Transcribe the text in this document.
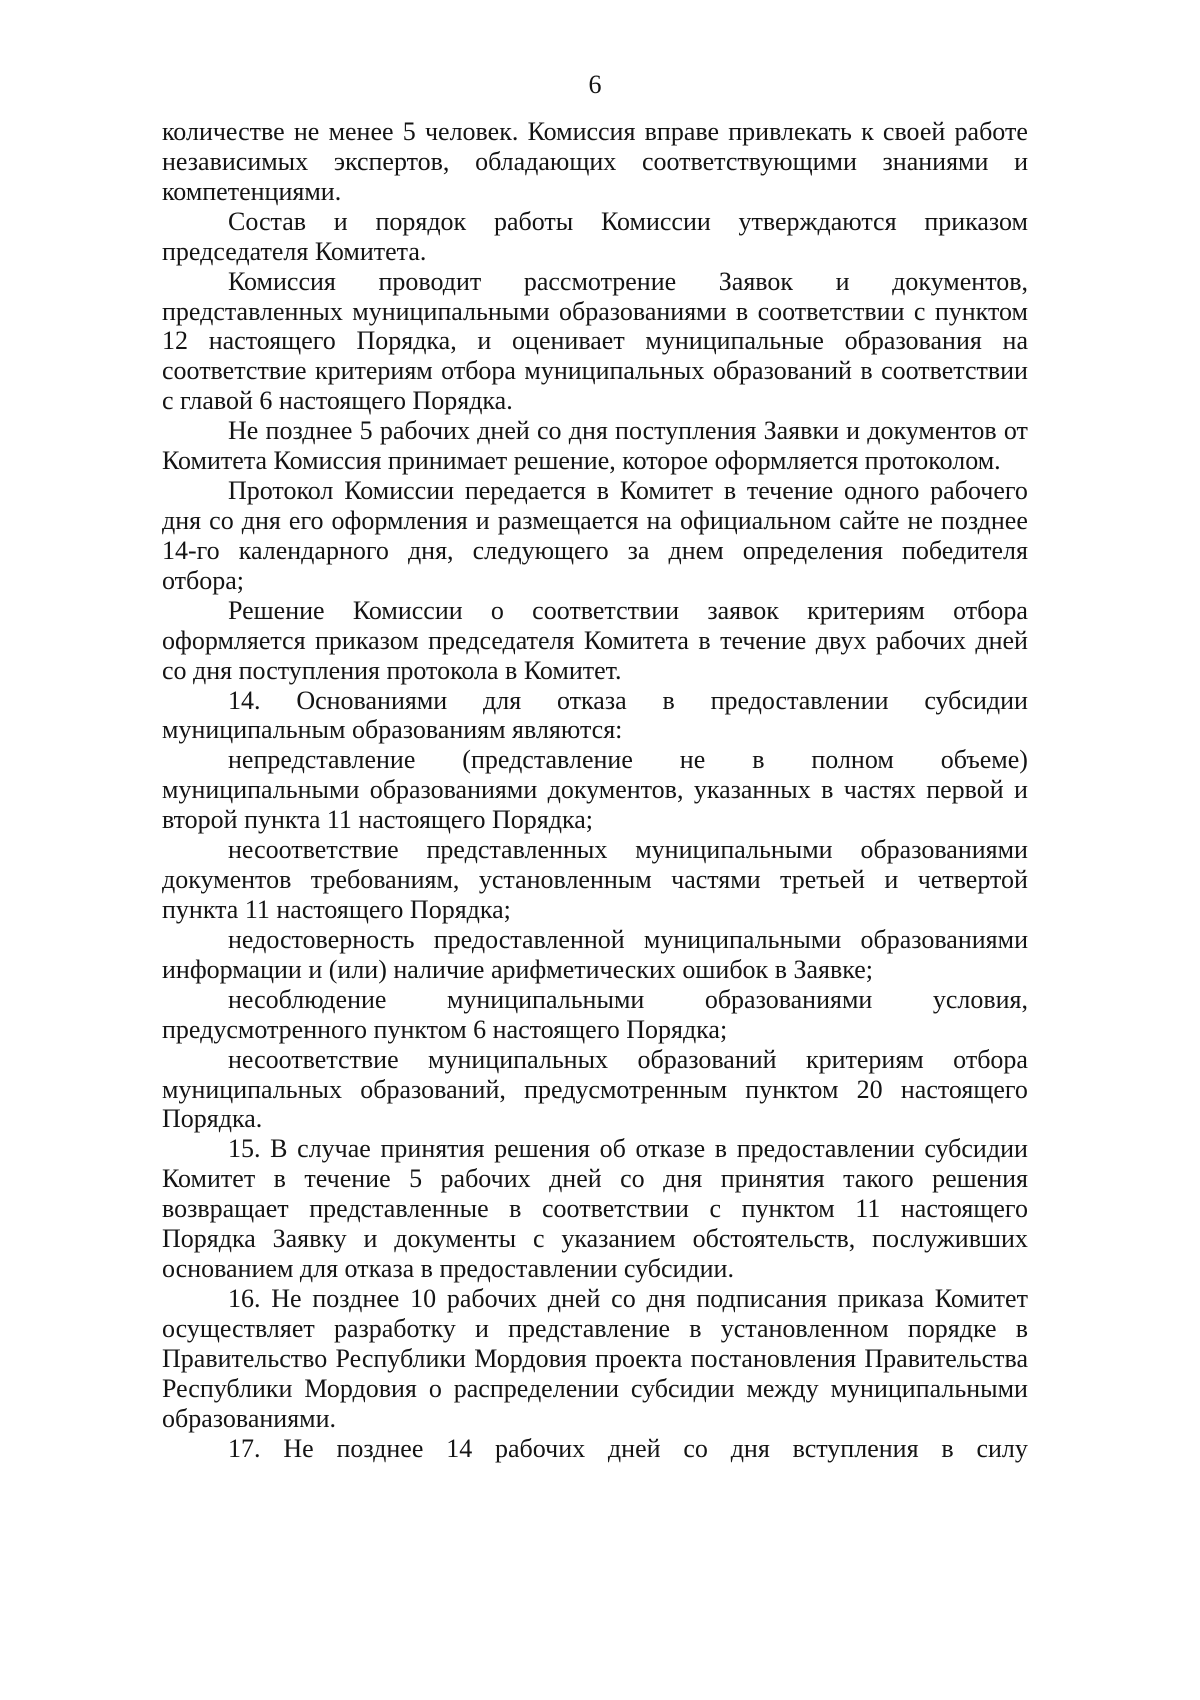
6
количестве не менее 5 человек. Комиссия вправе привлекать к своей работе
независимых экспертов, обладающих соответствующими знаниями и
компетенциями.
Состав и порядок работы Комиссии утверждаются приказом
председателя Комитета.
Комиссия проводит рассмотрение Заявок и документов,
представленных муниципальными образованиями в соответствии с пунктом
12 настоящего Порядка, и оценивает муниципальные образования на
соответствие критериям отбора муниципальных образований в соответствии
с главой 6 настоящего Порядка.
Не позднее 5 рабочих дней со дня поступления Заявки и документов от
Комитета Комиссия принимает решение, которое оформляется протоколом.
Протокол Комиссии передается в Комитет в течение одного рабочего
дня со дня его оформления и размещается на официальном сайте не позднее
14-го календарного дня, следующего за днем определения победителя
отбора;
Решение Комиссии о соответствии заявок критериям отбора
оформляется приказом председателя Комитета в течение двух рабочих дней
со дня поступления протокола в Комитет.
14. Основаниями для отказа в предоставлении субсидии
муниципальным образованиям являются:
непредставление (представление не в полном объеме)
муниципальными образованиями документов, указанных в частях первой и
второй пункта 11 настоящего Порядка;
несоответствие представленных муниципальными образованиями
документов требованиям, установленным частями третьей и четвертой
пункта 11 настоящего Порядка;
недостоверность предоставленной муниципальными образованиями
информации и (или) наличие арифметических ошибок в Заявке;
несоблюдение муниципальными образованиями условия,
предусмотренного пунктом 6 настоящего Порядка;
несоответствие муниципальных образований критериям отбора
муниципальных образований, предусмотренным пунктом 20 настоящего
Порядка.
15. В случае принятия решения об отказе в предоставлении субсидии
Комитет в течение 5 рабочих дней со дня принятия такого решения
возвращает представленные в соответствии с пунктом 11 настоящего
Порядка Заявку и документы с указанием обстоятельств, послуживших
основанием для отказа в предоставлении субсидии.
16. Не позднее 10 рабочих дней со дня подписания приказа Комитет
осуществляет разработку и представление в установленном порядке в
Правительство Республики Мордовия проекта постановления Правительства
Республики Мордовия о распределении субсидии между муниципальными
образованиями.
17. Не позднее 14 рабочих дней со дня вступления в силу
